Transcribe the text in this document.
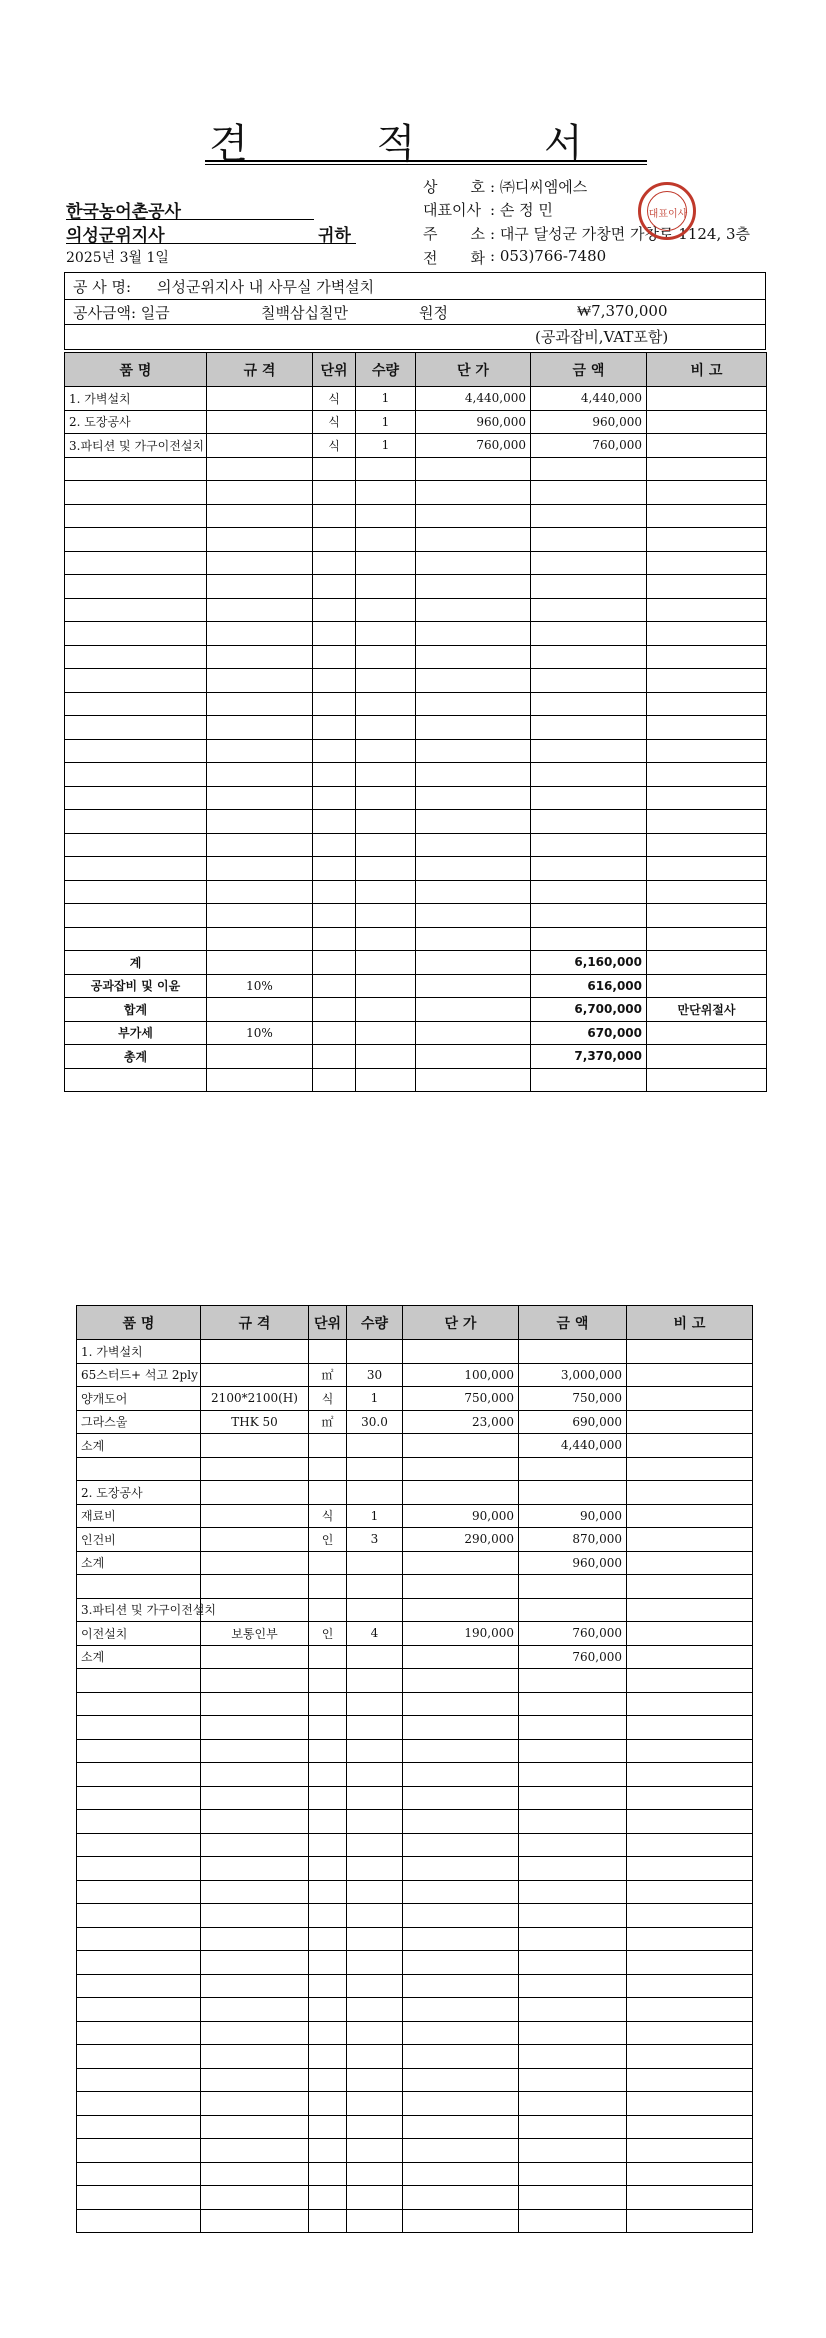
견 적 서
한국농어촌공사
의성군위지사	귀하
2025년 3월 1일
상 호 : ㈜디씨엠에스
대표이사 : 손 정 민
주 소 : 대구 달성군 가창면 가창로 1124, 3층
전 화 : 053)766-7480
대표이사
공 사 명: 의성군위지사 내 사무실 가벽설치
공사금액: 일금	칠백삼십칠만	원정	₩7,370,000
(공과잡비,VAT포함)
품 명	규 격	단위	수량	단 가	금 액	비 고
1. 가벽설치		식	1	4,440,000	4,440,000	
2. 도장공사		식	1	960,000	960,000	
3.파티션 및 가구이전설치		식	1	760,000	760,000	

계					6,160,000	
공과잡비 및 이윤	10%				616,000	
합계					6,700,000	만단위절사
부가세	10%				670,000	
총계					7,370,000	

품 명	규 격	단위	수량	단 가	금 액	비 고
1. 가벽설치						
65스터드+ 석고 2ply		㎡	30	100,000	3,000,000	
양개도어	2100*2100(H)	식	1	750,000	750,000	
그라스울	THK 50	㎡	30.0	23,000	690,000	
소계					4,440,000	

2. 도장공사						
재료비		식	1	90,000	90,000	
인건비		인	3	290,000	870,000	
소계					960,000	

3.파티션 및 가구이전설치						
이전설치	보통인부	인	4	190,000	760,000	
소계					760,000	
